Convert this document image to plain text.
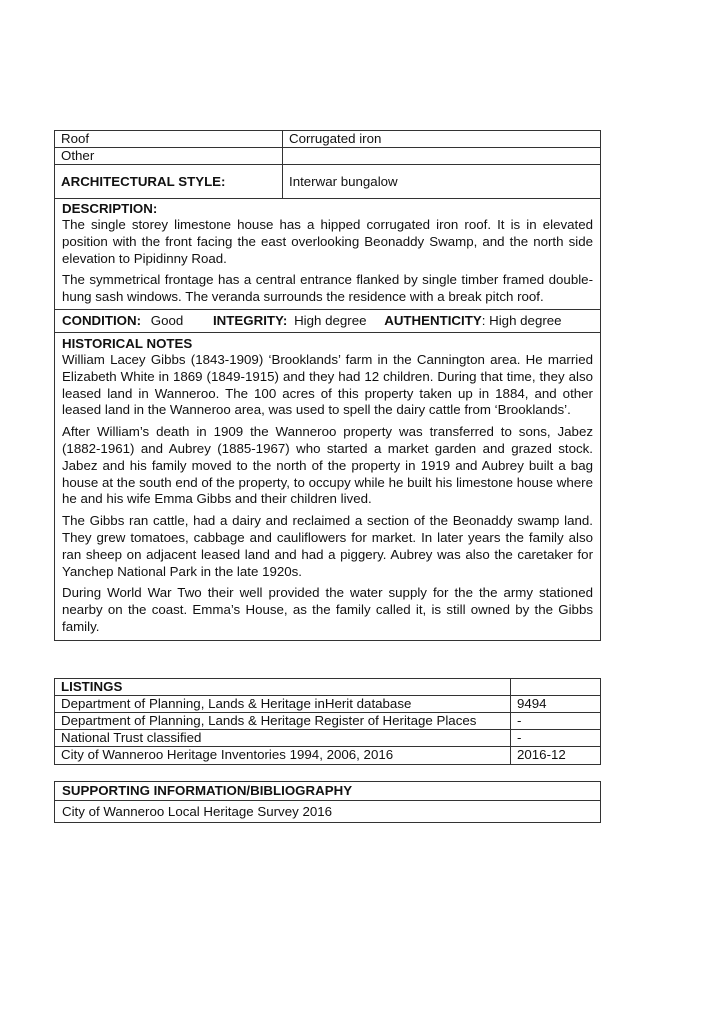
Roof	Corrugated iron
Other
ARCHITECTURAL STYLE:	Interwar bungalow
DESCRIPTION:

The single storey limestone house has a hipped corrugated iron roof. It is in elevated position with the front facing the east overlooking Beonaddy Swamp, and the north side elevation to Pipidinny Road.

The symmetrical frontage has a central entrance flanked by single timber framed double-hung sash windows. The veranda surrounds the residence with a break pitch roof.

CONDITION: Good INTEGRITY: High degree AUTHENTICITY: High degree
HISTORICAL NOTES

William Lacey Gibbs (1843-1909) ‘Brooklands’ farm in the Cannington area. He married Elizabeth White in 1869 (1849-1915) and they had 12 children. During that time, they also leased land in Wanneroo. The 100 acres of this property taken up in 1884, and other leased land in the Wanneroo area, was used to spell the dairy cattle from ‘Brooklands’.

After William’s death in 1909 the Wanneroo property was transferred to sons, Jabez (1882-1961) and Aubrey (1885-1967) who started a market garden and grazed stock. Jabez and his family moved to the north of the property in 1919 and Aubrey built a bag house at the south end of the property, to occupy while he built his limestone house where he and his wife Emma Gibbs and their children lived.

The Gibbs ran cattle, had a dairy and reclaimed a section of the Beonaddy swamp land. They grew tomatoes, cabbage and cauliflowers for market. In later years the family also ran sheep on adjacent leased land and had a piggery. Aubrey was also the caretaker for Yanchep National Park in the late 1920s.

During World War Two their well provided the water supply for the the army stationed nearby on the coast. Emma’s House, as the family called it, is still owned by the Gibbs family.

LISTINGS
Department of Planning, Lands & Heritage inHerit database	9494
Department of Planning, Lands & Heritage Register of Heritage Places	-
National Trust classified	-
City of Wanneroo Heritage Inventories 1994, 2006, 2016	2016-12
SUPPORTING INFORMATION/BIBLIOGRAPHY
City of Wanneroo Local Heritage Survey 2016
